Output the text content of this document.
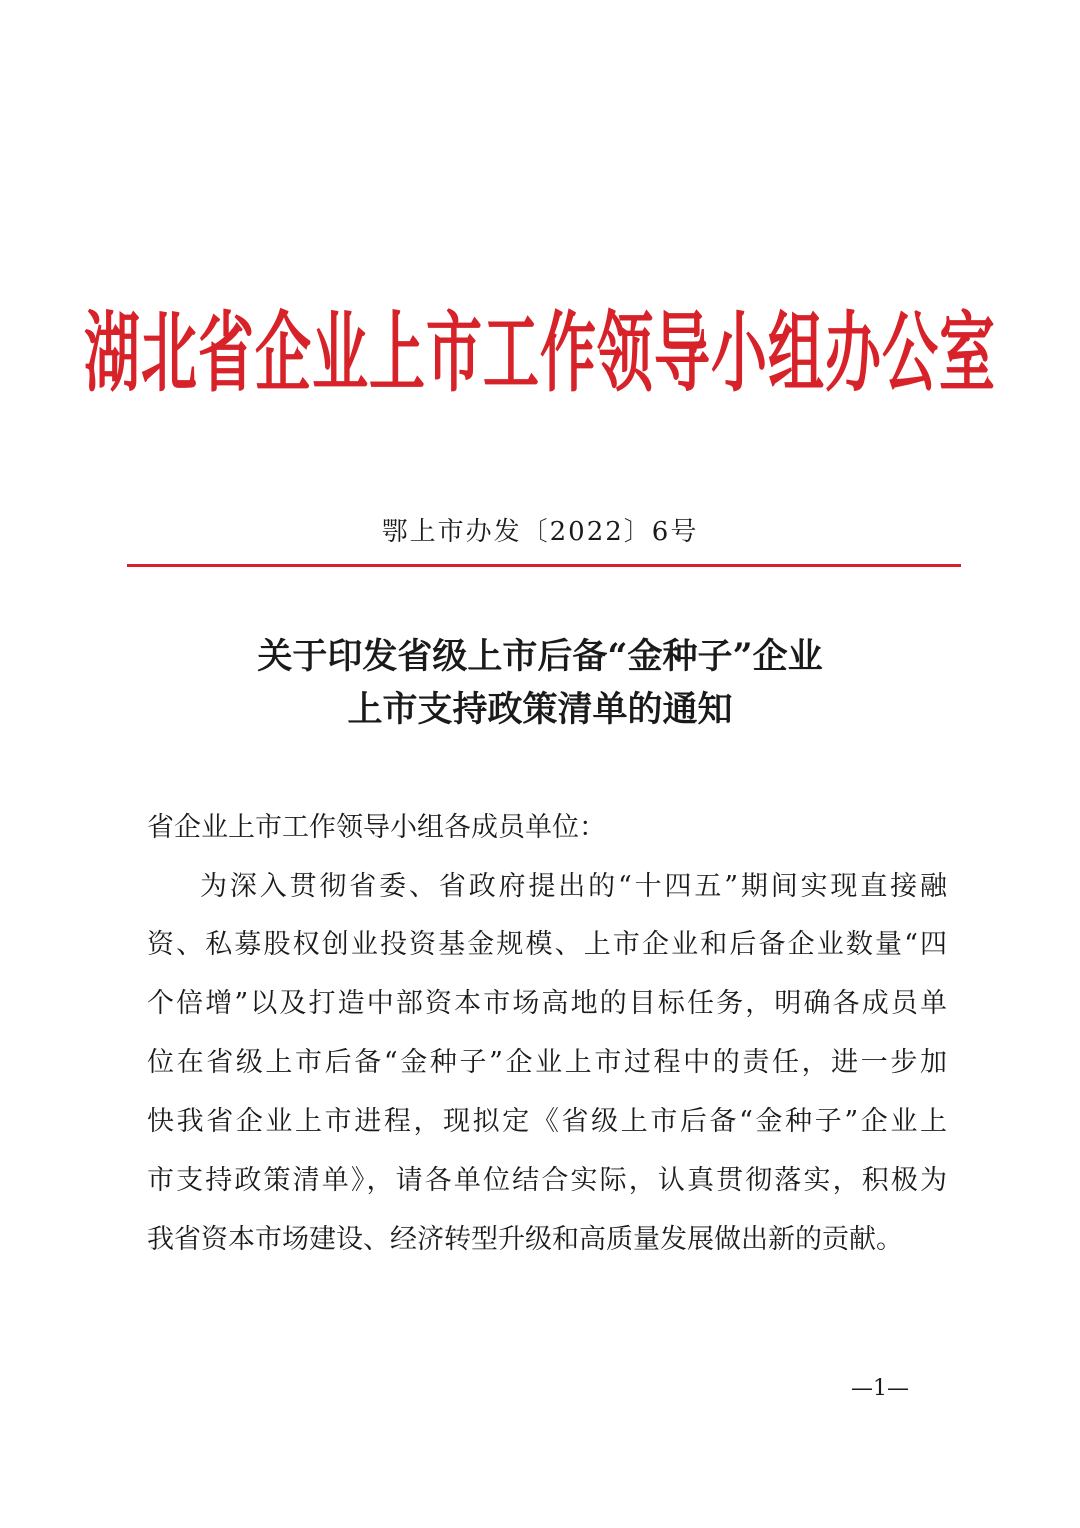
湖北省企业上市工作领导小组办公室
鄂上市办发〔2022〕6号
关于印发省级上市后备“金种子”企业
上市支持政策清单的通知
省企业上市工作领导小组各成员单位：
为深入贯彻省委、省政府提出的“十四五”期间实现直接融
资、私募股权创业投资基金规模、上市企业和后备企业数量“四
个倍增”以及打造中部资本市场高地的目标任务，明确各成员单
位在省级上市后备“金种子”企业上市过程中的责任，进一步加
快我省企业上市进程，现拟定《省级上市后备“金种子”企业上
市支持政策清单》，请各单位结合实际，认真贯彻落实，积极为
我省资本市场建设、经济转型升级和高质量发展做出新的贡献。
—1—
